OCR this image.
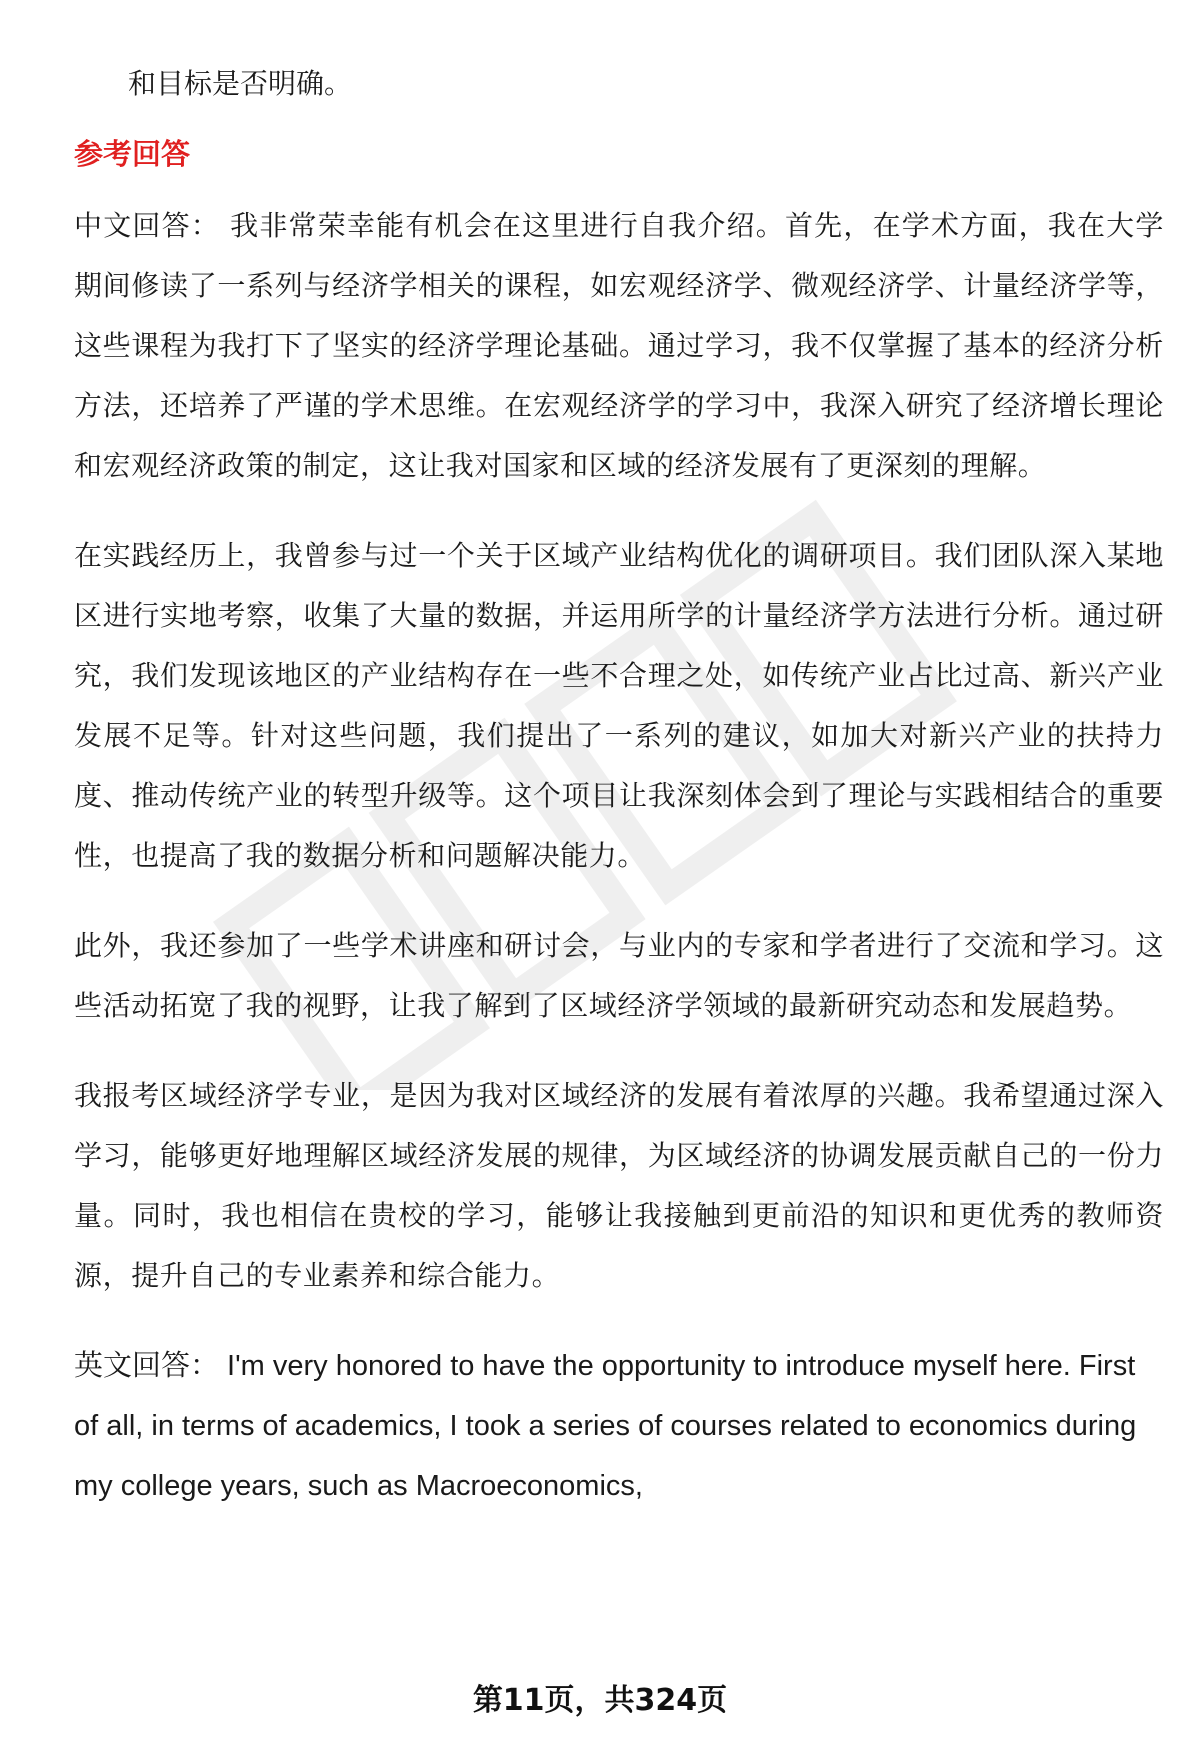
和目标是否明确。

参考回答

中文回答： 我非常荣幸能有机会在这里进行自我介绍。首先，在学术方面，我在大学期间修读了一系列与经济学相关的课程，如宏观经济学、微观经济学、计量经济学等，这些课程为我打下了坚实的经济学理论基础。通过学习，我不仅掌握了基本的经济分析方法，还培养了严谨的学术思维。在宏观经济学的学习中，我深入研究了经济增长理论和宏观经济政策的制定，这让我对国家和区域的经济发展有了更深刻的理解。

在实践经历上，我曾参与过一个关于区域产业结构优化的调研项目。我们团队深入某地区进行实地考察，收集了大量的数据，并运用所学的计量经济学方法进行分析。通过研究，我们发现该地区的产业结构存在一些不合理之处，如传统产业占比过高、新兴产业发展不足等。针对这些问题，我们提出了一系列的建议，如加大对新兴产业的扶持力度、推动传统产业的转型升级等。这个项目让我深刻体会到了理论与实践相结合的重要性，也提高了我的数据分析和问题解决能力。

此外，我还参加了一些学术讲座和研讨会，与业内的专家和学者进行了交流和学习。这些活动拓宽了我的视野，让我了解到了区域经济学领域的最新研究动态和发展趋势。

我报考区域经济学专业，是因为我对区域经济的发展有着浓厚的兴趣。我希望通过深入学习，能够更好地理解区域经济发展的规律，为区域经济的协调发展贡献自己的一份力量。同时，我也相信在贵校的学习，能够让我接触到更前沿的知识和更优秀的教师资源，提升自己的专业素养和综合能力。

英文回答： I'm very honored to have the opportunity to introduce myself here. First of all, in terms of academics, I took a series of courses related to economics during my college years, such as Macroeconomics,

第11页，共324页
